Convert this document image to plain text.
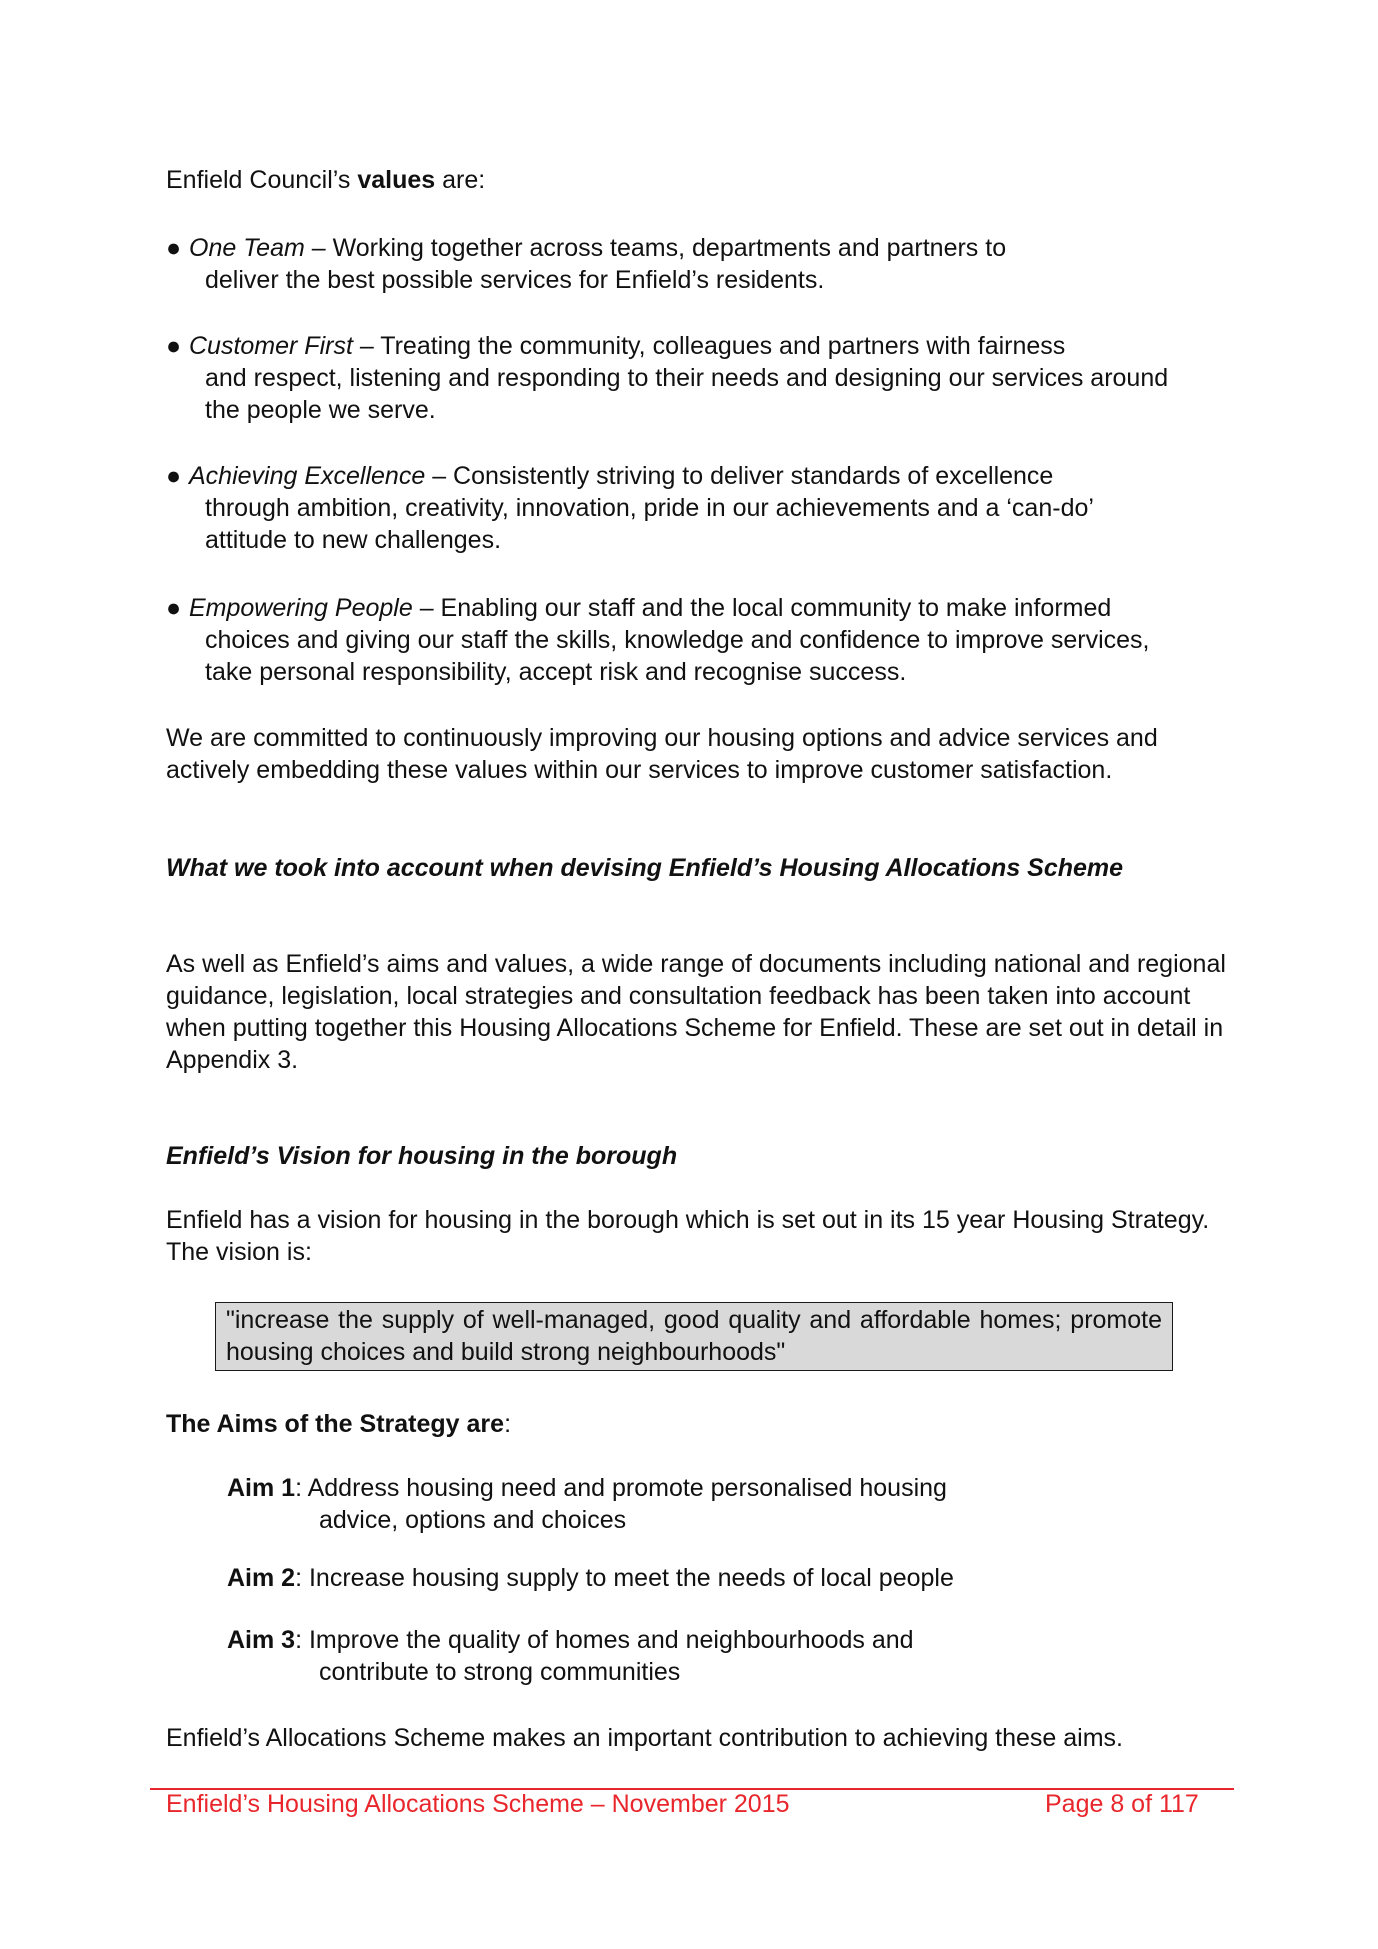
Enfield Council’s values are:

● One Team – Working together across teams, departments and partners to
deliver the best possible services for Enfield’s residents.
● Customer First – Treating the community, colleagues and partners with fairness
and respect, listening and responding to their needs and designing our services around the people we serve.
● Achieving Excellence – Consistently striving to deliver standards of excellence
through ambition, creativity, innovation, pride in our achievements and a ‘can-do’ attitude to new challenges.
● Empowering People – Enabling our staff and the local community to make informed
choices and giving our staff the skills, knowledge and confidence to improve services, take personal responsibility, accept risk and recognise success.

We are committed to continuously improving our housing options and advice services and actively embedding these values within our services to improve customer satisfaction.

What we took into account when devising Enfield’s Housing Allocations Scheme

As well as Enfield’s aims and values, a wide range of documents including national and regional guidance, legislation, local strategies and consultation feedback has been taken into account when putting together this Housing Allocations Scheme for Enfield. These are set out in detail in Appendix 3.

Enfield’s Vision for housing in the borough

Enfield has a vision for housing in the borough which is set out in its 15 year Housing Strategy. The vision is:

"increase the supply of well-managed, good quality and affordable homes; promote housing choices and build strong neighbourhoods"

The Aims of the Strategy are:

Aim 1: Address housing need and promote personalised housing
advice, options and choices
Aim 2: Increase housing supply to meet the needs of local people
Aim 3: Improve the quality of homes and neighbourhoods and
contribute to strong communities

Enfield’s Allocations Scheme makes an important contribution to achieving these aims.

Enfield’s Housing Allocations Scheme – November 2015	Page 8 of 117
